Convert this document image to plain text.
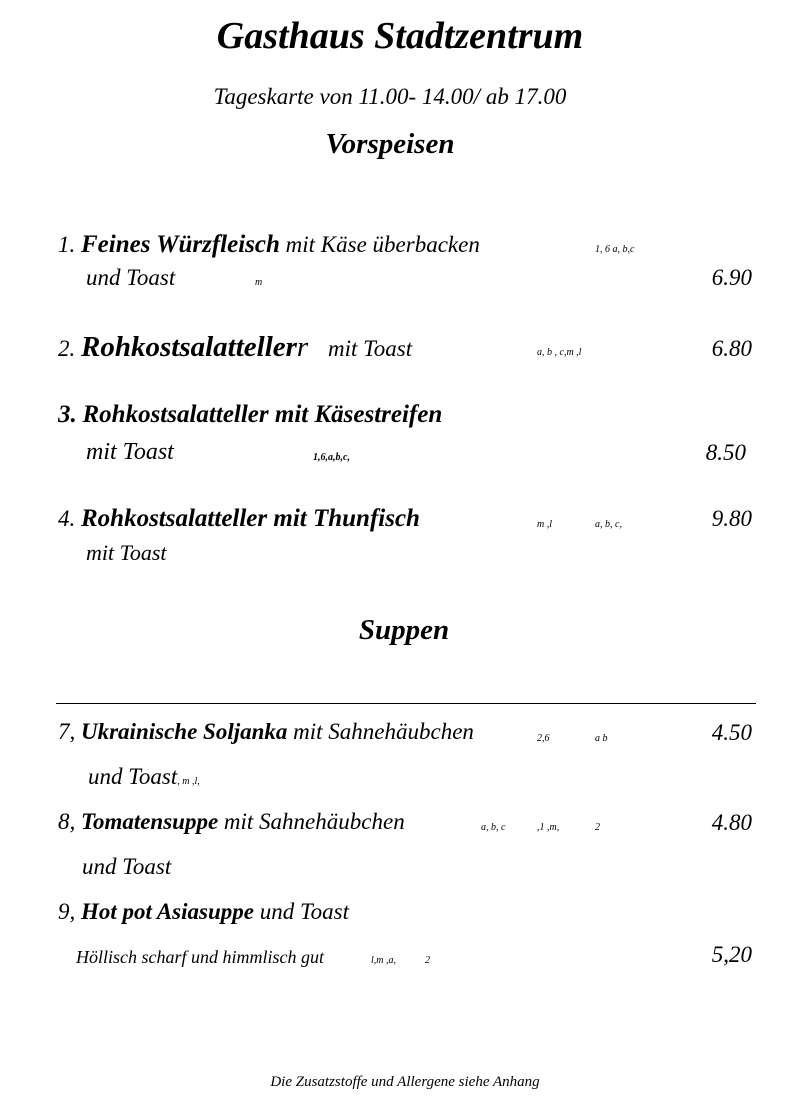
Gasthaus Stadtzentrum
Tageskarte von 11.00- 14.00/ ab 17.00
Vorspeisen
1. Feines Würzfleisch mit Käse überbacken	1, 6 a, b,c
und Toast	m	6.90
2. Rohkostsalattellerr mit Toast	a, b , c,m ,l	6.80
3. Rohkostsalatteller mit Käsestreifen
mit Toast	1,6,a,b,c,	8.50
4. Rohkostsalatteller mit Thunfisch	m ,l	a, b, c,	9.80
mit Toast
Suppen
7, Ukrainische Soljanka mit Sahnehäubchen	2,6	a b	4.50
und Toast, m ,l,
8, Tomatensuppe mit Sahnehäubchen	a, b, c	,1 ,m,	2	4.80
und Toast
9, Hot pot Asiasuppe und Toast
Höllisch scharf und himmlisch gut	l,m ,a,	2	5,20
Die Zusatzstoffe und Allergene siehe Anhang
